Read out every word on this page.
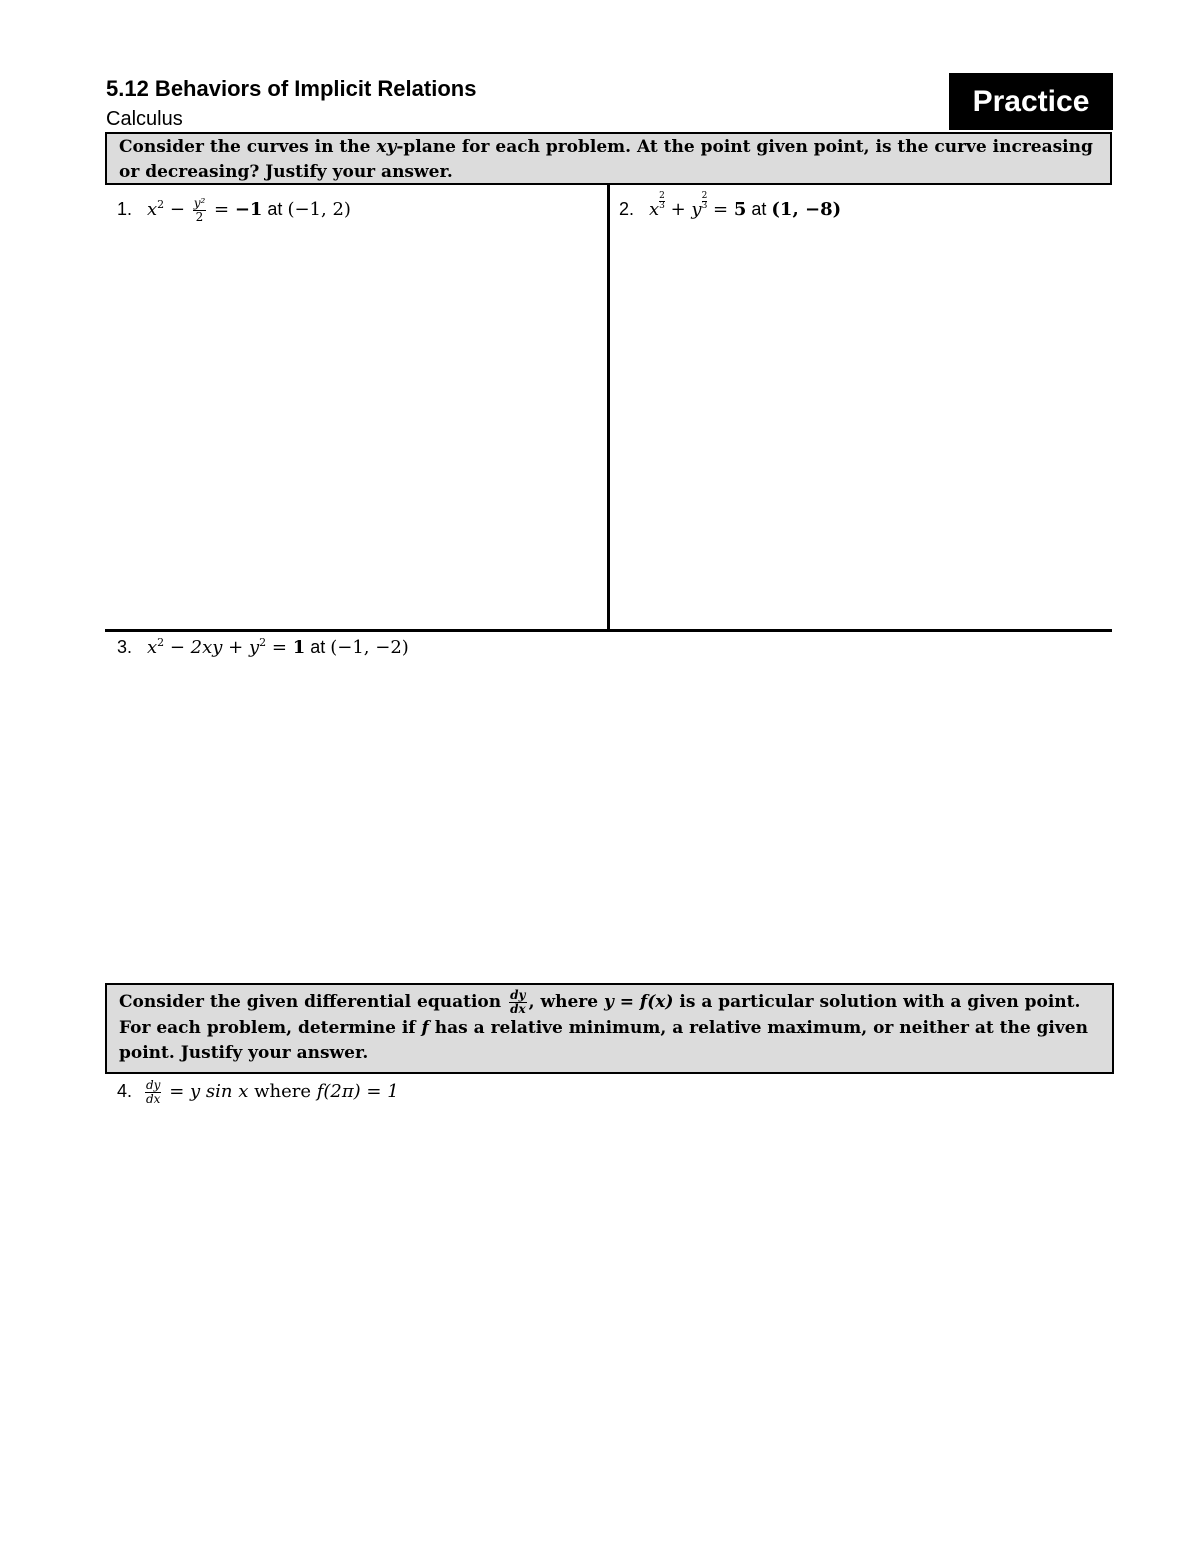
5.12 Behaviors of Implicit Relations
Calculus
Practice
Consider the curves in the xy-plane for each problem. At the point given point, is the curve increasing or decreasing? Justify your answer.
1. $x^2 - \frac{\text{y²}}{2} = -1$ at (−1, 2)	2. x $\frac{2}{3} + y \frac{2}{3} = 5$ at (1, −8)
3. $x^2 - 2xy + y^2 = 1$ at (−1, −2)
Consider the given differential equation $\frac{dy}{dx}$ , where y = f(x) is a particular solution with a given point. For each problem, determine if f has a relative minimum, a relative maximum, or neither at the given point. Justify your answer.
4. $\frac{dy}{dx} = y$ sin x where f(2π) = 1
